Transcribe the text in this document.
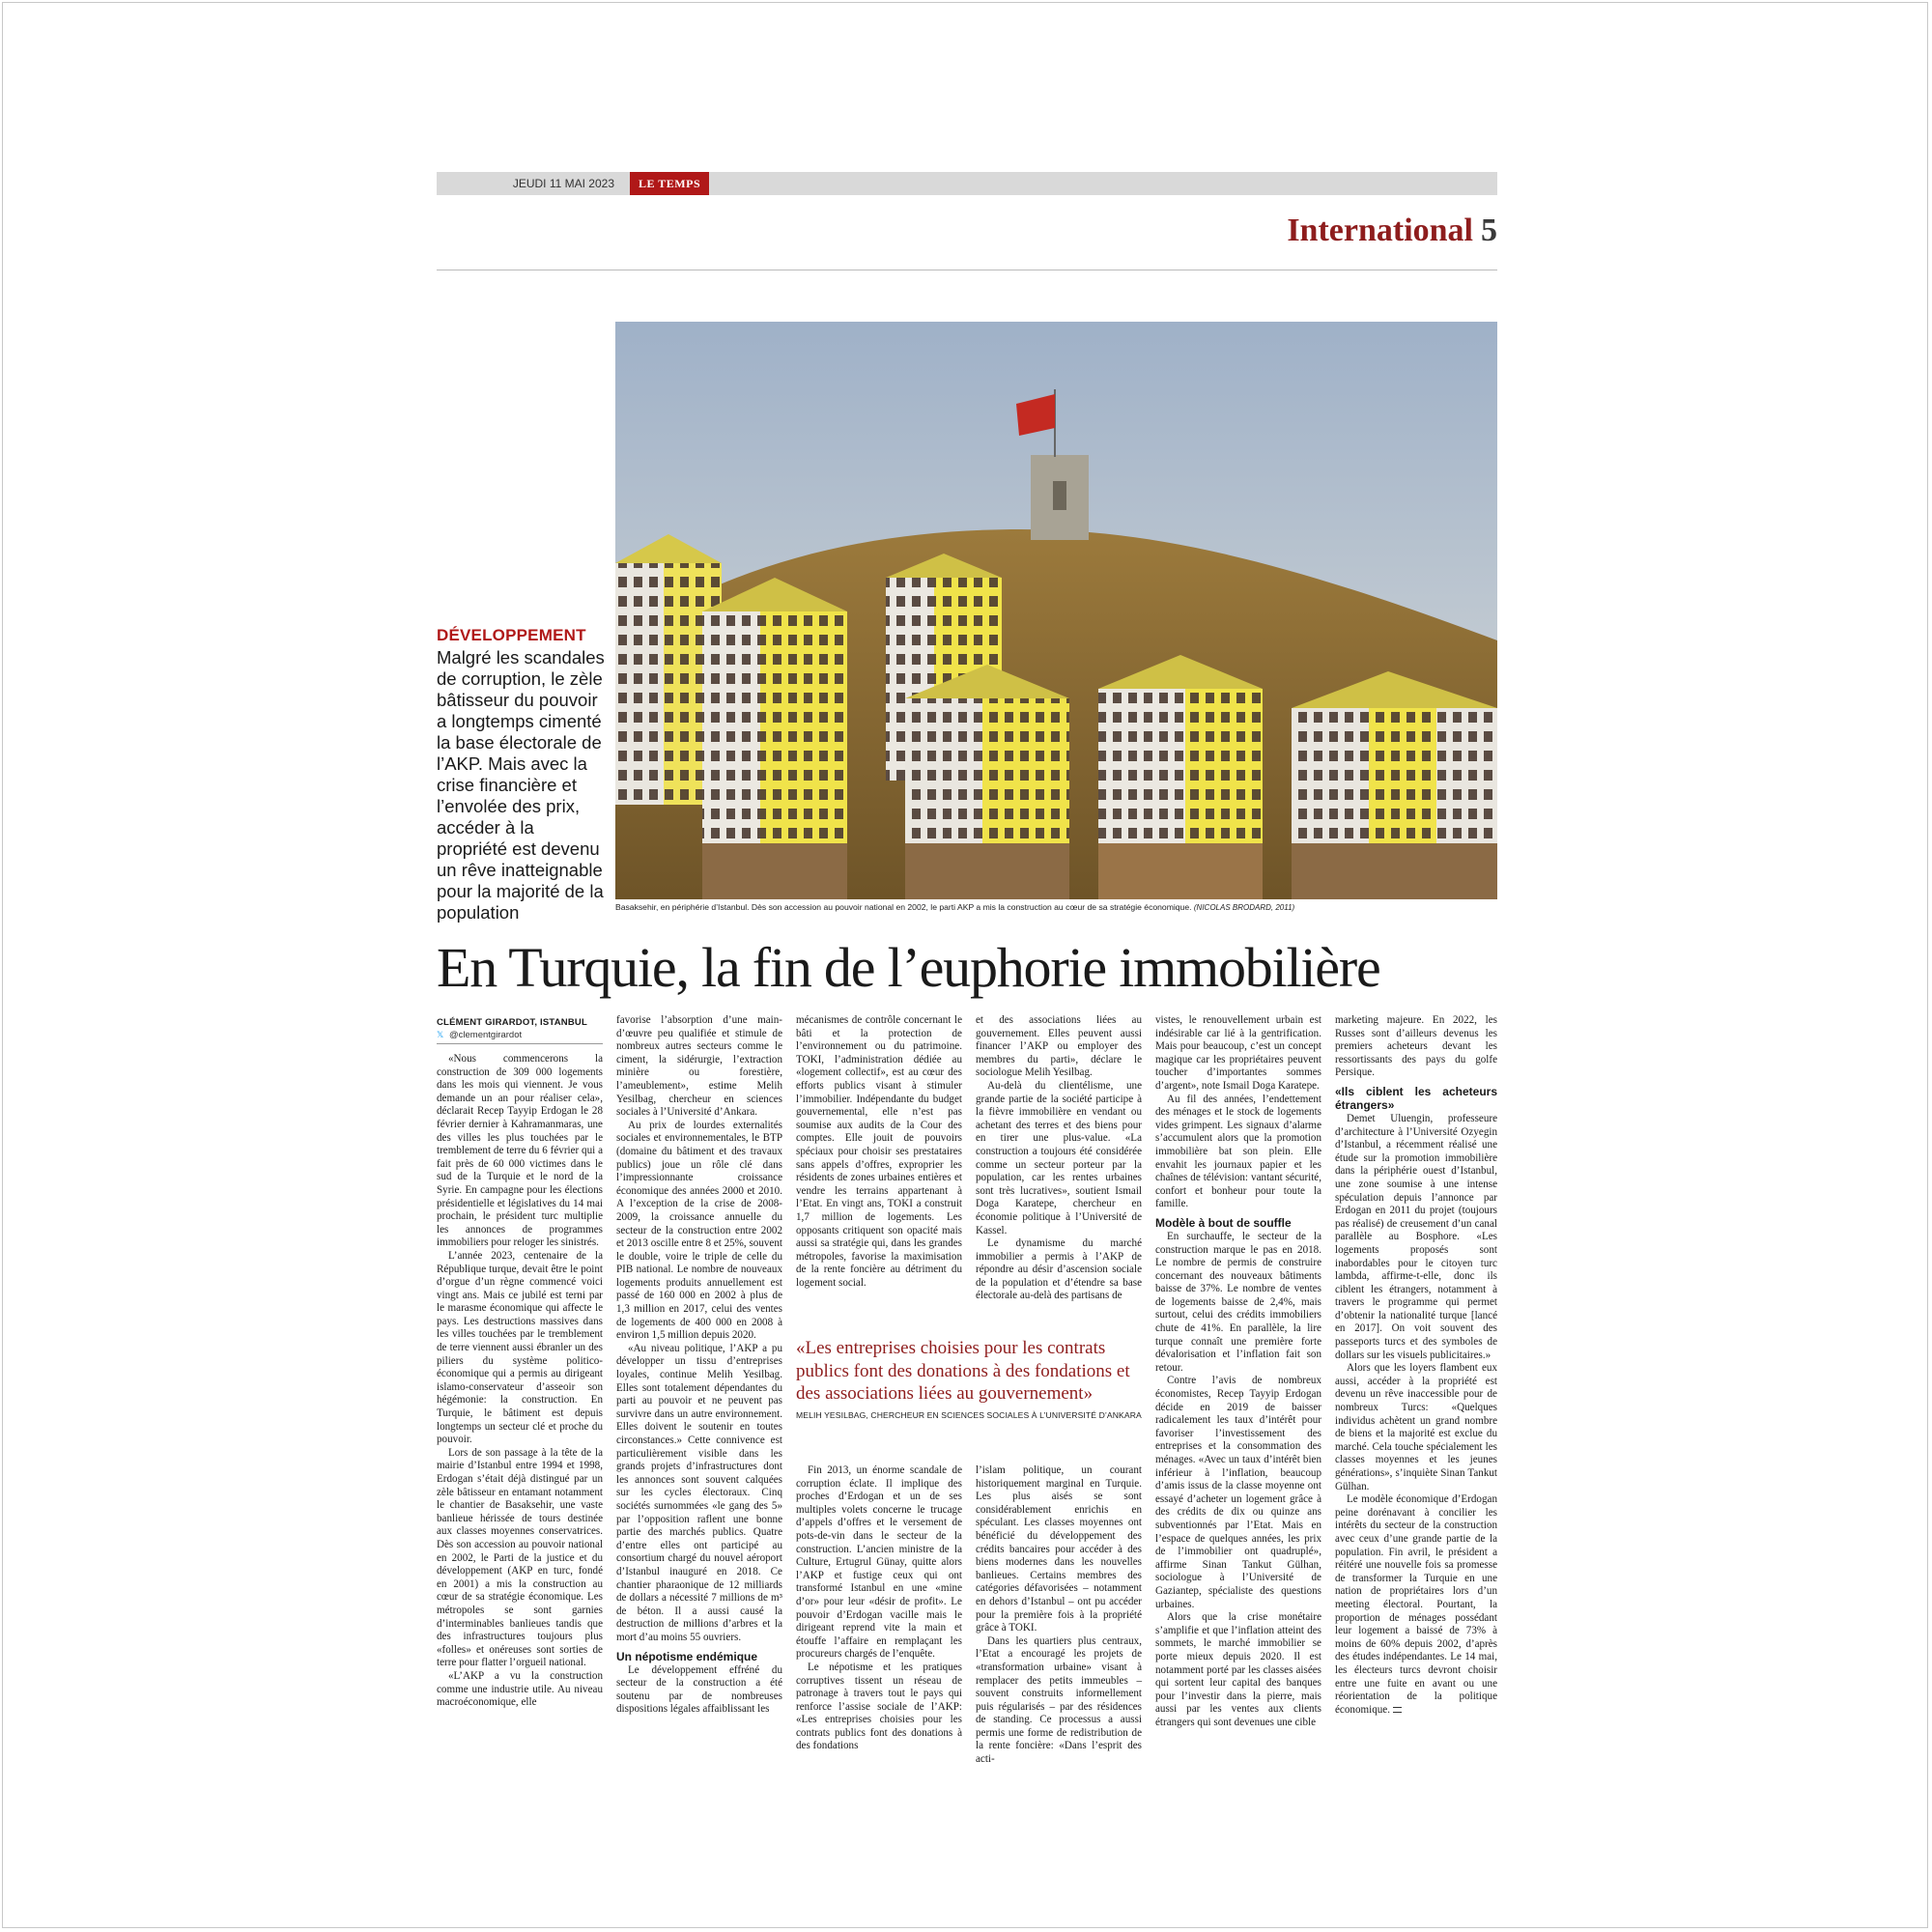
JEUDI 11 MAI 2023	LE TEMPS
International 5
DÉVELOPPEMENT
Malgré les scandales de corruption, le zèle bâtisseur du pouvoir a longtemps cimenté la base électorale de l’AKP. Mais avec la crise financière et l’envolée des prix, accéder à la propriété est devenu un rêve inatteignable pour la majorité de la population	Basaksehir, en périphérie d’Istanbul. Dès son accession au pouvoir national en 2002, le parti AKP a mis la construction au cœur de sa stratégie économique. (NICOLAS BRODARD, 2011)
En Turquie, la fin de l’euphorie immobilière
CLÉMENT GIRARDOT, ISTANBUL
𝕏 @clementgirardot

«Nous commencerons la construction de 309 000 logements dans les mois qui viennent. Je vous demande un an pour réaliser cela», déclarait Recep Tayyip Erdogan le 28 février dernier à Kahramanmaras, une des villes les plus touchées par le tremblement de terre du 6 février qui a fait près de 60 000 victimes dans le sud de la Turquie et le nord de la Syrie. En campagne pour les élections présidentielle et législatives du 14 mai prochain, le président turc multiplie les annonces de programmes immobiliers pour reloger les sinistrés.

L’année 2023, centenaire de la République turque, devait être le point d’orgue d’un règne commencé voici vingt ans. Mais ce jubilé est terni par le marasme économique qui affecte le pays. Les destructions massives dans les villes touchées par le tremblement de terre viennent aussi ébranler un des piliers du système politico-économique qui a permis au dirigeant islamo-conservateur d’asseoir son hégémonie: la construction. En Turquie, le bâtiment est depuis longtemps un secteur clé et proche du pouvoir.

Lors de son passage à la tête de la mairie d’Istanbul entre 1994 et 1998, Erdogan s’était déjà distingué par un zèle bâtisseur en entamant notamment le chantier de Basaksehir, une vaste banlieue hérissée de tours destinée aux classes moyennes conservatrices. Dès son accession au pouvoir national en 2002, le Parti de la justice et du développement (AKP en turc, fondé en 2001) a mis la construction au cœur de sa stratégie économique. Les métropoles se sont garnies d’interminables banlieues tandis que des infrastructures toujours plus «folles» et onéreuses sont sorties de terre pour flatter l’orgueil national.

«L’AKP a vu la construction comme une industrie utile. Au niveau macroéconomique, elle

favorise l’absorption d’une main-d’œuvre peu qualifiée et stimule de nombreux autres secteurs comme le ciment, la sidérurgie, l’extraction minière ou forestière, l’ameublement», estime Melih Yesilbag, chercheur en sciences sociales à l’Université d’Ankara.

Au prix de lourdes externalités sociales et environnementales, le BTP (domaine du bâtiment et des travaux publics) joue un rôle clé dans l’impressionnante croissance économique des années 2000 et 2010. A l’exception de la crise de 2008-2009, la croissance annuelle du secteur de la construction entre 2002 et 2013 oscille entre 8 et 25%, souvent le double, voire le triple de celle du PIB national. Le nombre de nouveaux logements produits annuellement est passé de 160 000 en 2002 à plus de 1,3 million en 2017, celui des ventes de logements de 400 000 en 2008 à environ 1,5 million depuis 2020.

«Au niveau politique, l’AKP a pu développer un tissu d’entreprises loyales, continue Melih Yesilbag. Elles sont totalement dépendantes du parti au pouvoir et ne peuvent pas survivre dans un autre environnement. Elles doivent le soutenir en toutes circonstances.» Cette connivence est particulièrement visible dans les grands projets d’infrastructures dont les annonces sont souvent calquées sur les cycles électoraux. Cinq sociétés surnommées «le gang des 5» par l’opposition raflent une bonne partie des marchés publics. Quatre d’entre elles ont participé au consortium chargé du nouvel aéroport d’Istanbul inauguré en 2018. Ce chantier pharaonique de 12 milliards de dollars a nécessité 7 millions de m³ de béton. Il a aussi causé la destruction de millions d’arbres et la mort d’au moins 55 ouvriers.

Un népotisme endémique

Le développement effréné du secteur de la construction a été soutenu par de nombreuses dispositions légales affaiblissant les

mécanismes de contrôle concernant le bâti et la protection de l’environnement ou du patrimoine. TOKI, l’administration dédiée au «logement collectif», est au cœur des efforts publics visant à stimuler l’immobilier. Indépendante du budget gouvernemental, elle n’est pas soumise aux audits de la Cour des comptes. Elle jouit de pouvoirs spéciaux pour choisir ses prestataires sans appels d’offres, exproprier les résidents de zones urbaines entières et vendre les terrains appartenant à l’Etat. En vingt ans, TOKI a construit 1,7 million de logements. Les opposants critiquent son opacité mais aussi sa stratégie qui, dans les grandes métropoles, favorise la maximisation de la rente foncière au détriment du logement social.

et des associations liées au gouvernement. Elles peuvent aussi financer l’AKP ou employer des membres du parti», déclare le sociologue Melih Yesilbag.

Au-delà du clientélisme, une grande partie de la société participe à la fièvre immobilière en vendant ou achetant des terres et des biens pour en tirer une plus-value. «La construction a toujours été considérée comme un secteur porteur par la population, car les rentes urbaines sont très lucratives», soutient Ismail Doga Karatepe, chercheur en économie politique à l’Université de Kassel.

Le dynamisme du marché immobilier a permis à l’AKP de répondre au désir d’ascension sociale de la population et d’étendre sa base électorale au-delà des partisans de

«Les entreprises choisies pour les contrats publics font des donations à des fondations et des associations liées au gouvernement»

MELIH YESILBAG, CHERCHEUR EN SCIENCES SOCIALES À L’UNIVERSITÉ D’ANKARA

Fin 2013, un énorme scandale de corruption éclate. Il implique des proches d’Erdogan et un de ses multiples volets concerne le trucage d’appels d’offres et le versement de pots-de-vin dans le secteur de la construction. L’ancien ministre de la Culture, Ertugrul Günay, quitte alors l’AKP et fustige ceux qui ont transformé Istanbul en une «mine d’or» pour leur «désir de profit». Le pouvoir d’Erdogan vacille mais le dirigeant reprend vite la main et étouffe l’affaire en remplaçant les procureurs chargés de l’enquête.

Le népotisme et les pratiques corruptives tissent un réseau de patronage à travers tout le pays qui renforce l’assise sociale de l’AKP: «Les entreprises choisies pour les contrats publics font des donations à des fondations

l’islam politique, un courant historiquement marginal en Turquie. Les plus aisés se sont considérablement enrichis en spéculant. Les classes moyennes ont bénéficié du développement des crédits bancaires pour accéder à des biens modernes dans les nouvelles banlieues. Certains membres des catégories défavorisées – notamment en dehors d’Istanbul – ont pu accéder pour la première fois à la propriété grâce à TOKI.

Dans les quartiers plus centraux, l’Etat a encouragé les projets de «transformation urbaine» visant à remplacer des petits immeubles – souvent construits informellement puis régularisés – par des résidences de standing. Ce processus a aussi permis une forme de redistribution de la rente foncière: «Dans l’esprit des acti-

vistes, le renouvellement urbain est indésirable car lié à la gentrification. Mais pour beaucoup, c’est un concept magique car les propriétaires peuvent toucher d’importantes sommes d’argent», note Ismail Doga Karatepe.

Au fil des années, l’endettement des ménages et le stock de logements vides grimpent. Les signaux d’alarme s’accumulent alors que la promotion immobilière bat son plein. Elle envahit les journaux papier et les chaînes de télévision: vantant sécurité, confort et bonheur pour toute la famille.

Modèle à bout de souffle

En surchauffe, le secteur de la construction marque le pas en 2018. Le nombre de permis de construire concernant des nouveaux bâtiments baisse de 37%. Le nombre de ventes de logements baisse de 2,4%, mais surtout, celui des crédits immobiliers chute de 41%. En parallèle, la lire turque connaît une première forte dévalorisation et l’inflation fait son retour.

Contre l’avis de nombreux économistes, Recep Tayyip Erdogan décide en 2019 de baisser radicalement les taux d’intérêt pour favoriser l’investissement des entreprises et la consommation des ménages. «Avec un taux d’intérêt bien inférieur à l’inflation, beaucoup d’amis issus de la classe moyenne ont essayé d’acheter un logement grâce à des crédits de dix ou quinze ans subventionnés par l’Etat. Mais en l’espace de quelques années, les prix de l’immobilier ont quadruplé», affirme Sinan Tankut Gülhan, sociologue à l’Université de Gaziantep, spécialiste des questions urbaines.

Alors que la crise monétaire s’amplifie et que l’inflation atteint des sommets, le marché immobilier se porte mieux depuis 2020. Il est notamment porté par les classes aisées qui sortent leur capital des banques pour l’investir dans la pierre, mais aussi par les ventes aux clients étrangers qui sont devenues une cible

marketing majeure. En 2022, les Russes sont d’ailleurs devenus les premiers acheteurs devant les ressortissants des pays du golfe Persique.

«Ils ciblent les acheteurs étrangers»

Demet Uluengin, professeure d’architecture à l’Université Ozyegin d’Istanbul, a récemment réalisé une étude sur la promotion immobilière dans la périphérie ouest d’Istanbul, une zone soumise à une intense spéculation depuis l’annonce par Erdogan en 2011 du projet (toujours pas réalisé) de creusement d’un canal parallèle au Bosphore. «Les logements proposés sont inabordables pour le citoyen turc lambda, affirme-t-elle, donc ils ciblent les étrangers, notamment à travers le programme qui permet d’obtenir la nationalité turque [lancé en 2017]. On voit souvent des passeports turcs et des symboles de dollars sur les visuels publicitaires.»

Alors que les loyers flambent eux aussi, accéder à la propriété est devenu un rêve inaccessible pour de nombreux Turcs: «Quelques individus achètent un grand nombre de biens et la majorité est exclue du marché. Cela touche spécialement les classes moyennes et les jeunes générations», s’inquiète Sinan Tankut Gülhan.

Le modèle économique d’Erdogan peine dorénavant à concilier les intérêts du secteur de la construction avec ceux d’une grande partie de la population. Fin avril, le président a réitéré une nouvelle fois sa promesse de transformer la Turquie en une nation de propriétaires lors d’un meeting électoral. Pourtant, la proportion de ménages possédant leur logement a baissé de 73% à moins de 60% depuis 2002, d’après des études indépendantes. Le 14 mai, les électeurs turcs devront choisir entre une fuite en avant ou une réorientation de la politique économique.
